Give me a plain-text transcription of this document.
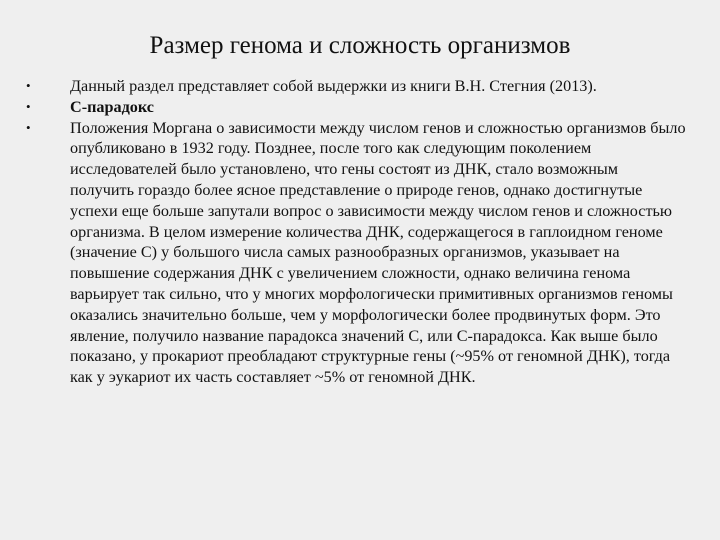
Размер генома и сложность организмов
•	Данный раздел представляет собой выдержки из книги В.Н. Стегния (2013).
•	С-парадокс
•	Положения Моргана о зависимости между числом генов и сложностью организмов было опубликовано в 1932 году. Позднее, после того как следующим поколением исследователей было установлено, что гены состоят из ДНК, стало возможным получить гораздо более ясное представление о природе генов, однако достигнутые успехи еще больше запутали вопрос о зависимости между числом генов и сложностью организма. В целом измерение количества ДНК, содержащегося в гаплоидном геноме (значение С) у большого числа самых разнообразных организмов, указывает на повышение содержания ДНК с увеличением сложности, однако величина генома варьирует так сильно, что у многих морфологически примитивных организмов геномы оказались значительно больше, чем у морфологически более продвинутых форм. Это явление, получило название парадокса значений С, или С-парадокса. Как выше было показано, у прокариот преобладают структурные гены (~95% от геномной ДНК), тогда как у эукариот их часть составляет ~5% от геномной ДНК.
